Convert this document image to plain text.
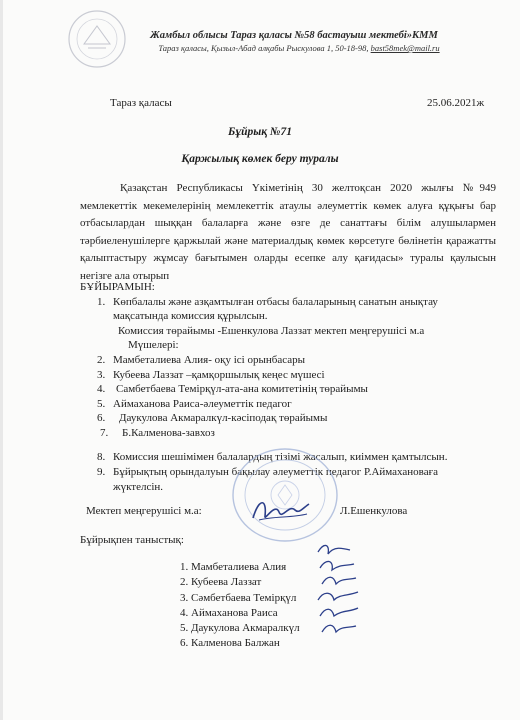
Жамбыл облысы Тараз қаласы №58 бастауыш мектебі»КММ
Тараз қаласы, Қызыл-Абад алқабы Рыскулова 1, 50-18-98, bast58mek@mail.ru
Тараз қаласы	25.06.2021ж
Бұйрық №71
Қаржылық көмек беру туралы
Қазақстан Республикасы Үкіметінің 30 желтоқсан 2020 жылғы №949 мемлекеттік мекемелерінің мемлекеттік атаулы әлеуметтік көмек алуға құқығы бар отбасылардан шыққан балаларға және өзге де санаттағы білім алушылармен тәрбиеленушілерге қаржылай және материалдық көмек көрсетуге бөлінетін қаражатты қалыптастыру жұмсау бағытымен оларды есепке алу қағидасы» туралы қаулысын негізге ала отырып
БҰЙЫРАМЫН:
1. Көпбалалы және азқамтылған отбасы балаларының санатын анықтау
мақсатында комиссия құрылсын.
Комиссия төрайымы -Ешенкулова Лаззат мектеп меңгерушісі м.а
Мүшелері:
2. Мамбеталиева Алия- оқу ісі орынбасары
3. Кубеева Лаззат –қамқоршылық кеңес мүшесі
4. Самбетбаева Темірқүл-ата-ана комитетінің төрайымы
5. Аймаханова Раиса-әлеуметтік педагог
6. Даукулова Акмаралкүл-кәсіподақ төрайымы
7. Б.Калменова-завхоз
8. Комиссия шешімімен балалардың тізімі жасалып, киіммен қамтылсын.
9. Бұйрықтың орындалуын бақылау әлеуметтік педагог Р.Аймахановаға
жүктелсін.
Мектеп меңгерушісі м.а:	Л.Ешенкулова
Бұйрықпен таныстық:
1. Мамбеталиева Алия
2. Кубеева Лаззат
3. Сәмбетбаева Темірқүл
4. Аймаханова Раиса
5. Даукулова Акмаралкүл
6. Калменова Балжан
